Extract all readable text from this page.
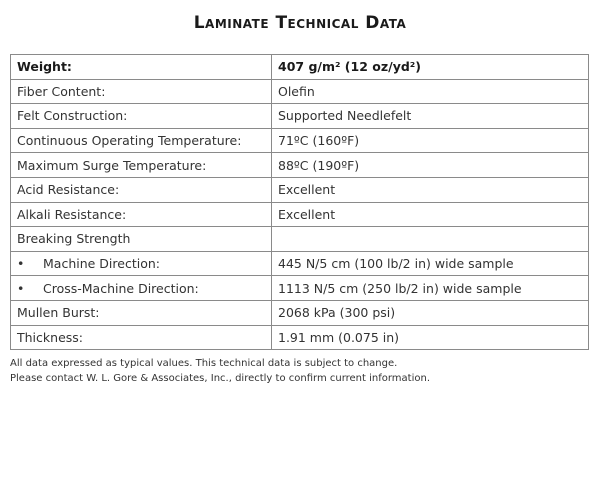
Laminate Technical Data
Weight:	407 g/m² (12 oz/yd²)
Fiber Content:	Olefin
Felt Construction:	Supported Needlefelt
Continuous Operating Temperature:	71ºC (160ºF)
Maximum Surge Temperature:	88ºC (190ºF)
Acid Resistance:	Excellent
Alkali Resistance:	Excellent
Breaking Strength	
• Machine Direction:	445 N/5 cm (100 lb/2 in) wide sample
• Cross-Machine Direction:	1113 N/5 cm (250 lb/2 in) wide sample
Mullen Burst:	2068 kPa (300 psi)
Thickness:	1.91 mm (0.075 in)
All data expressed as typical values. This technical data is subject to change.
Please contact W. L. Gore & Associates, Inc., directly to confirm current information.
